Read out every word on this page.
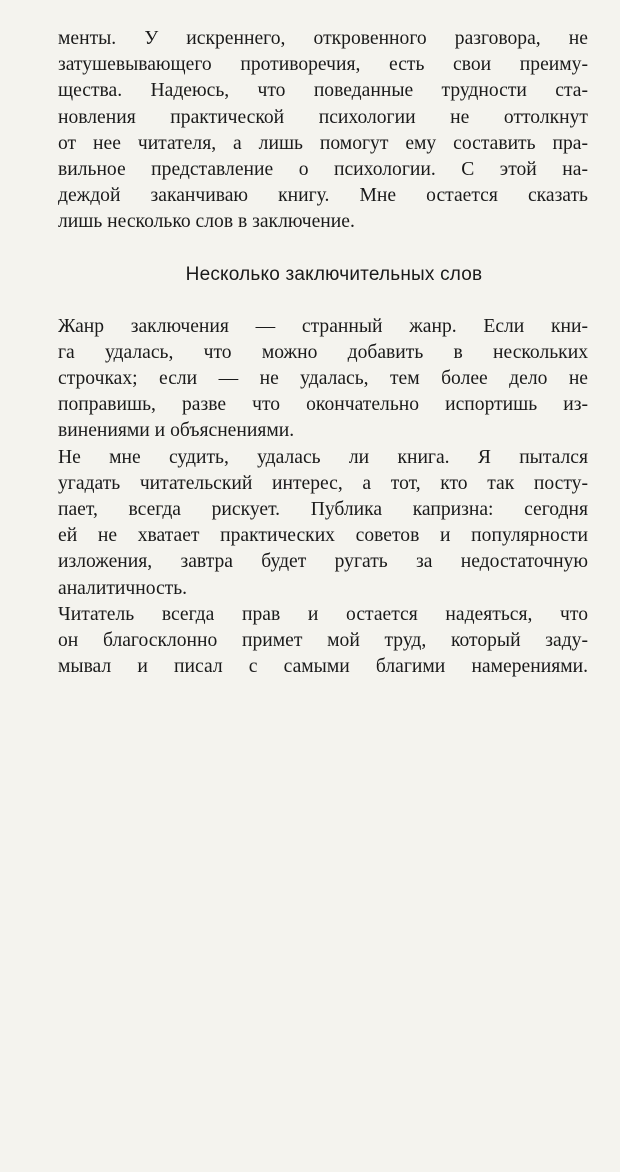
менты. У искреннего, откровенного разговора, не
затушевывающего противоречия, есть свои преиму-
щества. Надеюсь, что поведанные трудности ста-
новления практической психологии не оттолкнут
от нее читателя, а лишь помогут ему составить пра-
вильное представление о психологии. С этой на-
деждой заканчиваю книгу. Мне остается сказать
лишь несколько слов в заключение.
Несколько заключительных слов
Жанр заключения — странный жанр. Если кни-
га удалась, что можно добавить в нескольких
строчках; если — не удалась, тем более дело не
поправишь, разве что окончательно испортишь из-
винениями и объяснениями.
Не мне судить, удалась ли книга. Я пытался
угадать читательский интерес, а тот, кто так посту-
пает, всегда рискует. Публика капризна: сегодня
ей не хватает практических советов и популярности
изложения, завтра будет ругать за недостаточную
аналитичность.
Читатель всегда прав и остается надеяться, что
он благосклонно примет мой труд, который заду-
мывал и писал с самыми благими намерениями.
